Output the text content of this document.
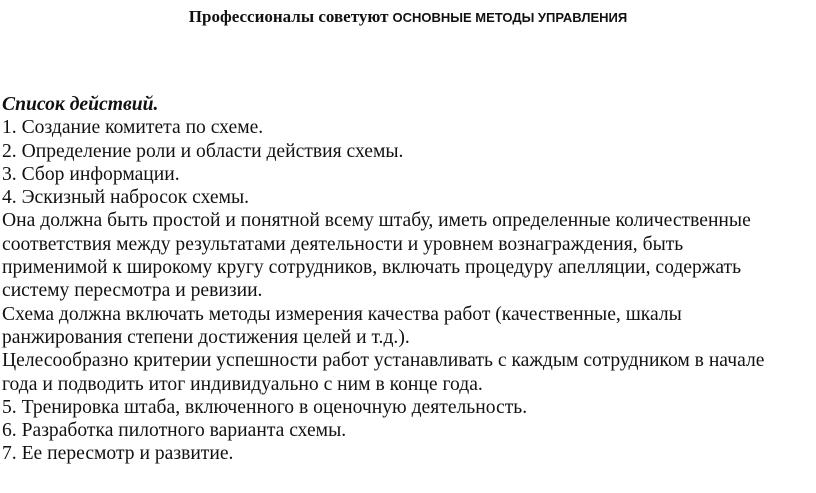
Профессионалы советуют ОСНОВНЫЕ МЕТОДЫ УПРАВЛЕНИЯ
Список действий.
1. Создание комитета по схеме.
2. Определение роли и области действия схемы.
3. Сбор информации.
4. Эскизный набросок схемы.
Она должна быть простой и понятной всему штабу, иметь определенные количественные
соответствия между результатами деятельности и уровнем вознаграждения, быть
применимой к широкому кругу сотрудников, включать процедуру апелляции, содержать
систему пересмотра и ревизии.
Схема должна включать методы измерения качества работ (качественные, шкалы
ранжирования степени достижения целей и т.д.).
Целесообразно критерии успешности работ устанавливать с каждым сотрудником в начале
года и подводить итог индивидуально с ним в конце года.
5. Тренировка штаба, включенного в оценочную деятельность.
6. Разработка пилотного варианта схемы.
7. Ее пересмотр и развитие.
